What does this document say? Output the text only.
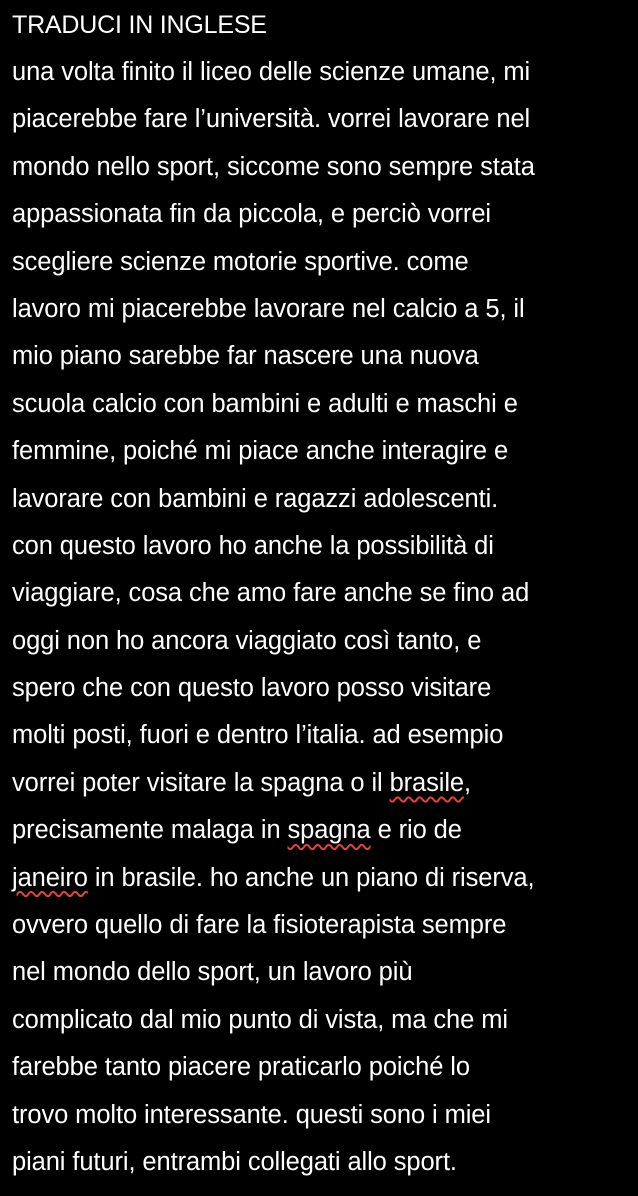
TRADUCI IN INGLESE
una volta finito il liceo delle scienze umane, mi
piacerebbe fare l’università. vorrei lavorare nel
mondo nello sport, siccome sono sempre stata
appassionata fin da piccola, e perciò vorrei
scegliere scienze motorie sportive. come
lavoro mi piacerebbe lavorare nel calcio a 5, il
mio piano sarebbe far nascere una nuova
scuola calcio con bambini e adulti e maschi e
femmine, poiché mi piace anche interagire e
lavorare con bambini e ragazzi adolescenti.
con questo lavoro ho anche la possibilità di
viaggiare, cosa che amo fare anche se fino ad
oggi non ho ancora viaggiato così tanto, e
spero che con questo lavoro posso visitare
molti posti, fuori e dentro l’italia. ad esempio
vorrei poter visitare la spagna o il brasile,
precisamente malaga in spagna e rio de
janeiro in brasile. ho anche un piano di riserva,
ovvero quello di fare la fisioterapista sempre
nel mondo dello sport, un lavoro più
complicato dal mio punto di vista, ma che mi
farebbe tanto piacere praticarlo poiché lo
trovo molto interessante. questi sono i miei
piani futuri, entrambi collegati allo sport.
